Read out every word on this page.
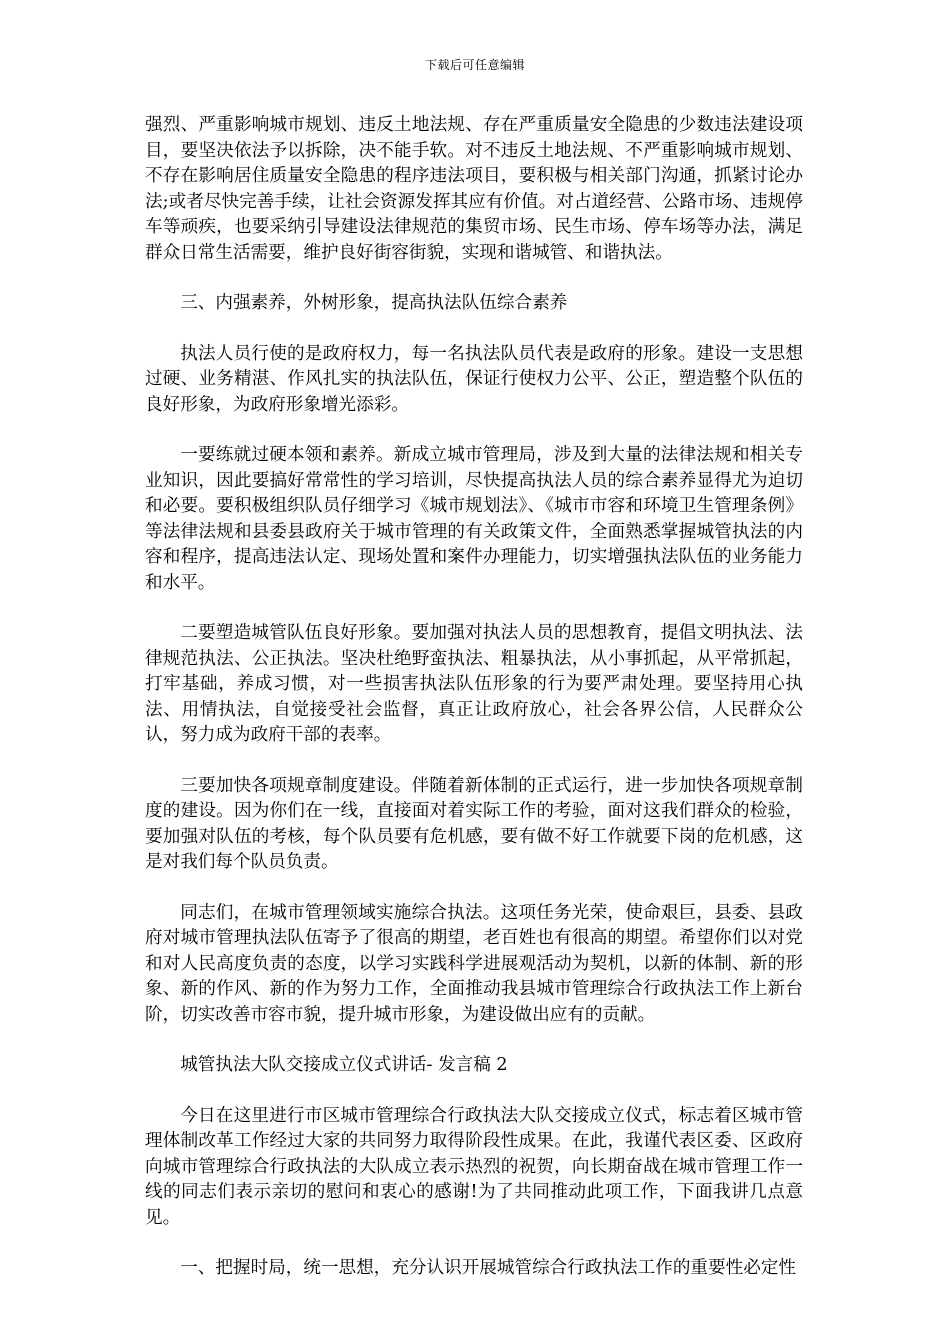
下载后可任意编辑

强烈、严重影响城市规划、违反土地法规、存在严重质量安全隐患的少数违法建设项目，要坚决依法予以拆除，决不能手软。对不违反土地法规、不严重影响城市规划、不存在影响居住质量安全隐患的程序违法项目，要积极与相关部门沟通，抓紧讨论办法;或者尽快完善手续，让社会资源发挥其应有价值。对占道经营、公路市场、违规停车等顽疾，也要采纳引导建设法律规范的集贸市场、民生市场、停车场等办法，满足群众日常生活需要，维护良好街容街貌，实现和谐城管、和谐执法。

三、内强素养，外树形象，提高执法队伍综合素养

执法人员行使的是政府权力，每一名执法队员代表是政府的形象。建设一支思想过硬、业务精湛、作风扎实的执法队伍，保证行使权力公平、公正，塑造整个队伍的良好形象，为政府形象增光添彩。

一要练就过硬本领和素养。新成立城市管理局，涉及到大量的法律法规和相关专业知识，因此要搞好常常性的学习培训，尽快提高执法人员的综合素养显得尤为迫切和必要。要积极组织队员仔细学习《城市规划法》、《城市市容和环境卫生管理条例》等法律法规和县委县政府关于城市管理的有关政策文件，全面熟悉掌握城管执法的内容和程序，提高违法认定、现场处置和案件办理能力，切实增强执法队伍的业务能力和水平。

二要塑造城管队伍良好形象。要加强对执法人员的思想教育，提倡文明执法、法律规范执法、公正执法。坚决杜绝野蛮执法、粗暴执法，从小事抓起，从平常抓起，打牢基础，养成习惯，对一些损害执法队伍形象的行为要严肃处理。要坚持用心执法、用情执法，自觉接受社会监督，真正让政府放心，社会各界公信，人民群众公认，努力成为政府干部的表率。

三要加快各项规章制度建设。伴随着新体制的正式运行，进一步加快各项规章制度的建设。因为你们在一线，直接面对着实际工作的考验，面对这我们群众的检验，要加强对队伍的考核，每个队员要有危机感，要有做不好工作就要下岗的危机感，这是对我们每个队员负责。

同志们，在城市管理领域实施综合执法。这项任务光荣，使命艰巨，县委、县政府对城市管理执法队伍寄予了很高的期望，老百姓也有很高的期望。希望你们以对党和对人民高度负责的态度，以学习实践科学进展观活动为契机，以新的体制、新的形象、新的作风、新的作为努力工作，全面推动我县城市管理综合行政执法工作上新台阶，切实改善市容市貌，提升城市形象，为建设做出应有的贡献。

城管执法大队交接成立仪式讲话- 发言稿 2

今日在这里进行市区城市管理综合行政执法大队交接成立仪式，标志着区城市管理体制改革工作经过大家的共同努力取得阶段性成果。在此，我谨代表区委、区政府向城市管理综合行政执法的大队成立表示热烈的祝贺，向长期奋战在城市管理工作一线的同志们表示亲切的慰问和衷心的感谢!为了共同推动此项工作，下面我讲几点意见。

一、把握时局，统一思想，充分认识开展城管综合行政执法工作的重要性必定性
